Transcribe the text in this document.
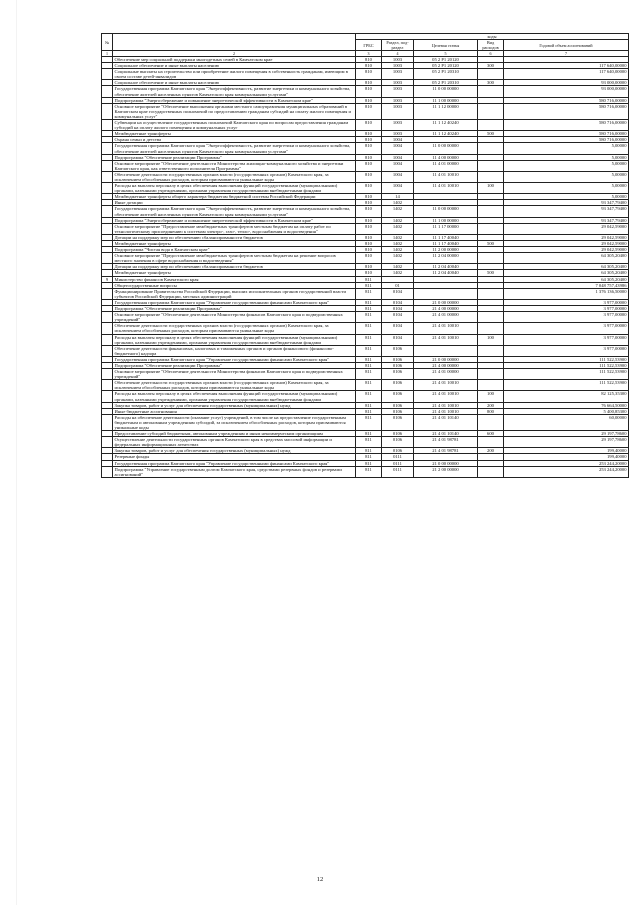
№		коды				
		ГРБС	Раздел, под-раздел	Целевая статья	Вид расходов	Годовой объем ассигнований
1	2	3	4	5	6	7
	Обеспечение мер социальной поддержки многодетных семей в Камчатском крае	810	1003	05 2 Р1 20120		
	Социальное обеспечение и иные выплаты населению	810	1003	05 2 Р1 20120	300	117 640,00000
	Социальные выплаты на строительство или приобретение жилого помещения в собственность гражданам, имеющим в своем составе детей-инвалидов	810	1003	05 2 Р1 20310		117 640,00000
	Социальное обеспечение и иные выплаты населению	810	1003	05 2 Р1 20310	300	93 000,00000
	Государственная программа Камчатского края "Энергоэффективность, развитие энергетики и коммунального хозяйства, обеспечение жителей населенных пунктов Камчатского края коммунальными услугами"	810	1003	11 0 00 00000		93 000,00000
	Подпрограмма "Энергосбережение и повышение энергетической эффективности в Камчатском крае"	810	1003	11 1 00 00000		580 716,00000
	Основное мероприятие "Обеспечение выполнения органами местного самоуправления муниципальных образований в Камчатском крае государственных полномочий по предоставлению гражданам субсидий на оплату жилого помещения и коммунальных услуг"	810	1003	11 1 12 00000		580 716,00000
	Субвенции на осуществление государственных полномочий Камчатского края по вопросам предоставления гражданам субсидий на оплату жилого помещения и коммунальных услуг	810	1003	11 1 12 40240		580 716,00000
	Межбюджетные трансферты	810	1003	11 1 12 40240	500	580 716,00000
	Охрана семьи и детства	810	1004			580 716,00000
	Государственная программа Камчатского края "Энергоэффективность, развитие энергетики и коммунального хозяйства, обеспечение жителей населенных пунктов Камчатского края коммунальными услугами"	810	1004	11 0 00 00000		5,00000
	Подпрограмма "Обеспечение реализации Программы"	810	1004	11 4 00 00000		5,00000
	Основное мероприятие "Обеспечение деятельности Министерства жилищно-коммунального хозяйства и энергетики Камчатского края, как ответственного исполнителя Программы"	810	1004	11 4 01 00000		5,00000
	Обеспечение деятельности государственных органов власти (государственных органов) Камчатского края, за исключением обособленных расходов, которым присваиваются уникальные коды	810	1004	11 4 01 10010		5,00000
	Расходы на выплаты персоналу в целях обеспечения выполнения функций государственными (муниципальными) органами, казенными учреждениями, органами управления государственными внебюджетными фондами	810	1004	11 4 01 10010	100	5,00000
	Межбюджетные трансферты общего характера бюджетам бюджетной системы Российской Федерации	810	14			5,00000
	Иные дотации	810	1402			93 347,79400
	Государственная программа Камчатского края "Энергоэффективность, развитие энергетики и коммунального хозяйства, обеспечение жителей населенных пунктов Камчатского края коммунальными услугами"	810	1402	11 0 00 00000		93 347,79400
	Подпрограмма "Энергосбережение и повышение энергетической эффективности в Камчатском крае"	810	1402	11 1 00 00000		93 347,79400
	Основное мероприятие "Предоставление межбюджетных трансфертов местным бюджетам на оплату работ по технологическому присоединению к системам электро-, газо-, тепло-, водоснабжения и водоотведения"	810	1402	11 1 17 00000		29 042,59000
	Дотации на поддержку мер по обеспечению сбалансированности бюджетов	810	1402	11 1 17 40040		29 042,59000
	Межбюджетные трансферты	810	1402	11 1 17 40040	500	29 042,59000
	Подпрограмма "Чистая вода в Камчатском крае"	810	1402	11 2 00 00000		29 042,59000
	Основное мероприятие "Предоставление межбюджетных трансфертов местным бюджетам на решение вопросов местного значения в сфере водоснабжения и водоотведения"	810	1402	11 2 04 00000		64 305,20400
	Дотации на поддержку мер по обеспечению сбалансированности бюджетов	810	1402	11 2 04 40040		64 305,20400
	Межбюджетные трансферты	810	1402	11 2 04 40040	500	64 305,20400
9	Министерство финансов Камчатского края	811				64 305,20400
	Общегосударственные вопросы	811	01			7 048 757,43986
	Функционирование Правительства Российской Федерации, высших исполнительных органов государственной власти субъектов Российской Федерации, местных администраций	811	0104			1 376 136,50000
	Государственная программа Камчатского края "Управление государственными финансами Камчатского края"	811	0104	21 0 00 00000		3 977,00000
	Подпрограмма "Обеспечение реализации Программы"	811	0104	21 4 00 00000		3 977,00000
	Основное мероприятие "Обеспечение деятельности Министерства финансов Камчатского края и подведомственных учреждений"	811	0104	21 4 01 00000		3 977,00000
	Обеспечение деятельности государственных органов власти (государственных органов) Камчатского края, за исключением обособленных расходов, которым присваиваются уникальные коды	811	0104	21 4 01 10010		3 977,00000
	Расходы на выплаты персоналу в целях обеспечения выполнения функций государственными (муниципальными) органами, казенными учреждениями, органами управления государственными внебюджетными фондами	811	0104	21 4 01 10010	100	3 977,00000
	Обеспечение деятельности финансовых, налоговых и таможенных органов и органов финансового (финансово-бюджетного) надзора	811	0106			3 977,00000
	Государственная программа Камчатского края "Управление государственными финансами Камчатского края"	811	0106	21 0 00 00000		111 522,53900
	Подпрограмма "Обеспечение реализации Программы"	811	0106	21 4 00 00000		111 522,53900
	Основное мероприятие "Обеспечение деятельности Министерства финансов Камчатского края и подведомственных учреждений"	811	0106	21 4 01 00000		111 522,53900
	Обеспечение деятельности государственных органов власти (государственных органов) Камчатского края, за исключением обособленных расходов, которым присваиваются уникальные коды	811	0106	21 4 01 10010		111 522,53900
	Расходы на выплаты персоналу в целях обеспечения выполнения функций государственными (муниципальными) органами, казенными учреждениями, органами управления государственными внебюджетными фондами	811	0106	21 4 01 10010	100	82 125,35300
	Закупка товаров, работ и услуг для обеспечения государственных (муниципальных) нужд	811	0106	21 4 01 10010	200	76 664,50000
	Иные бюджетные ассигнования	811	0106	21 4 01 10010	800	5 400,85300
	Расходы на обеспечение деятельности (оказание услуг) учреждений, в том числе на предоставление государственным бюджетным и автономным учреждениям субсидий, за исключением обособленных расходов, которым присваиваются уникальные коды	811	0106	21 4 01 10140		60,00000
	Предоставление субсидий бюджетным, автономным учреждениям и иным некоммерческим организациям	811	0106	21 4 01 10140	600	29 197,78600
	Осуществление деятельности государственных органов Камчатского края в средствах массовой информации и федеральных информационных агентствах	811	0106	21 4 01 98781		29 197,78600
	Закупка товаров, работ и услуг для обеспечения государственных (муниципальных) нужд	811	0106	21 4 01 98781	200	199,40000
	Резервные фонды	811	0111			199,40000
	Государственная программа Камчатского края "Управление государственными финансами Камчатского края"	811	0111	21 0 00 00000		253 244,20000
	Подпрограмма "Управление государственным долгом Камчатского края, средствами резервных фондов и резервами ассигнований"	811	0111	21 2 00 00000		253 244,20000
12
